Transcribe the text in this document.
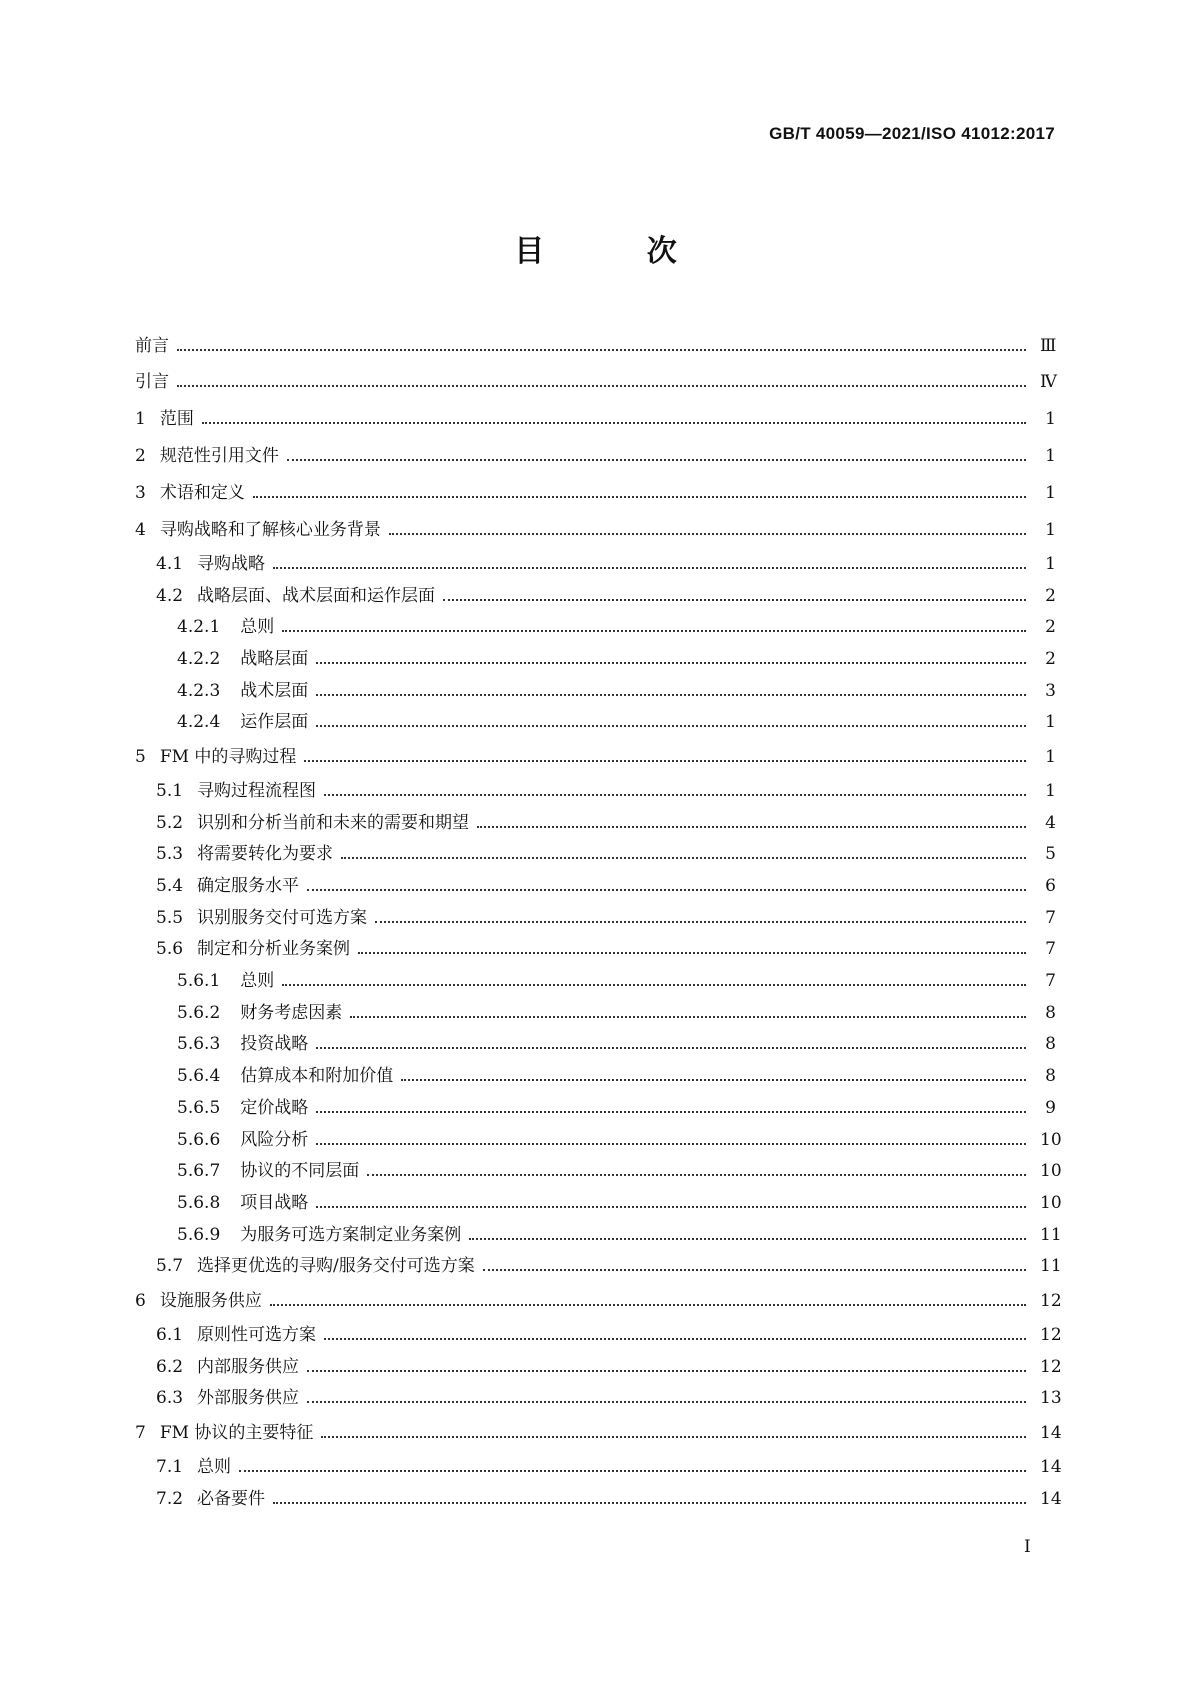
GB/T 40059—2021/ISO 41012:2017
目 次
前言	Ⅲ
引言	Ⅳ
1 范围	1
2 规范性引用文件	1
3 术语和定义	1
4 寻购战略和了解核心业务背景	1
4.1 寻购战略	1
4.2 战略层面、战术层面和运作层面	2
4.2.1 总则	2
4.2.2 战略层面	2
4.2.3 战术层面	3
4.2.4 运作层面	1
5 FM 中的寻购过程	1
5.1 寻购过程流程图	1
5.2 识别和分析当前和未来的需要和期望	4
5.3 将需要转化为要求	5
5.4 确定服务水平	6
5.5 识别服务交付可选方案	7
5.6 制定和分析业务案例	7
5.6.1 总则	7
5.6.2 财务考虑因素	8
5.6.3 投资战略	8
5.6.4 估算成本和附加价值	8
5.6.5 定价战略	9
5.6.6 风险分析	10
5.6.7 协议的不同层面	10
5.6.8 项目战略	10
5.6.9 为服务可选方案制定业务案例	11
5.7 选择更优选的寻购/服务交付可选方案	11
6 设施服务供应	12
6.1 原则性可选方案	12
6.2 内部服务供应	12
6.3 外部服务供应	13
7 FM 协议的主要特征	14
7.1 总则	14
7.2 必备要件	14
I
